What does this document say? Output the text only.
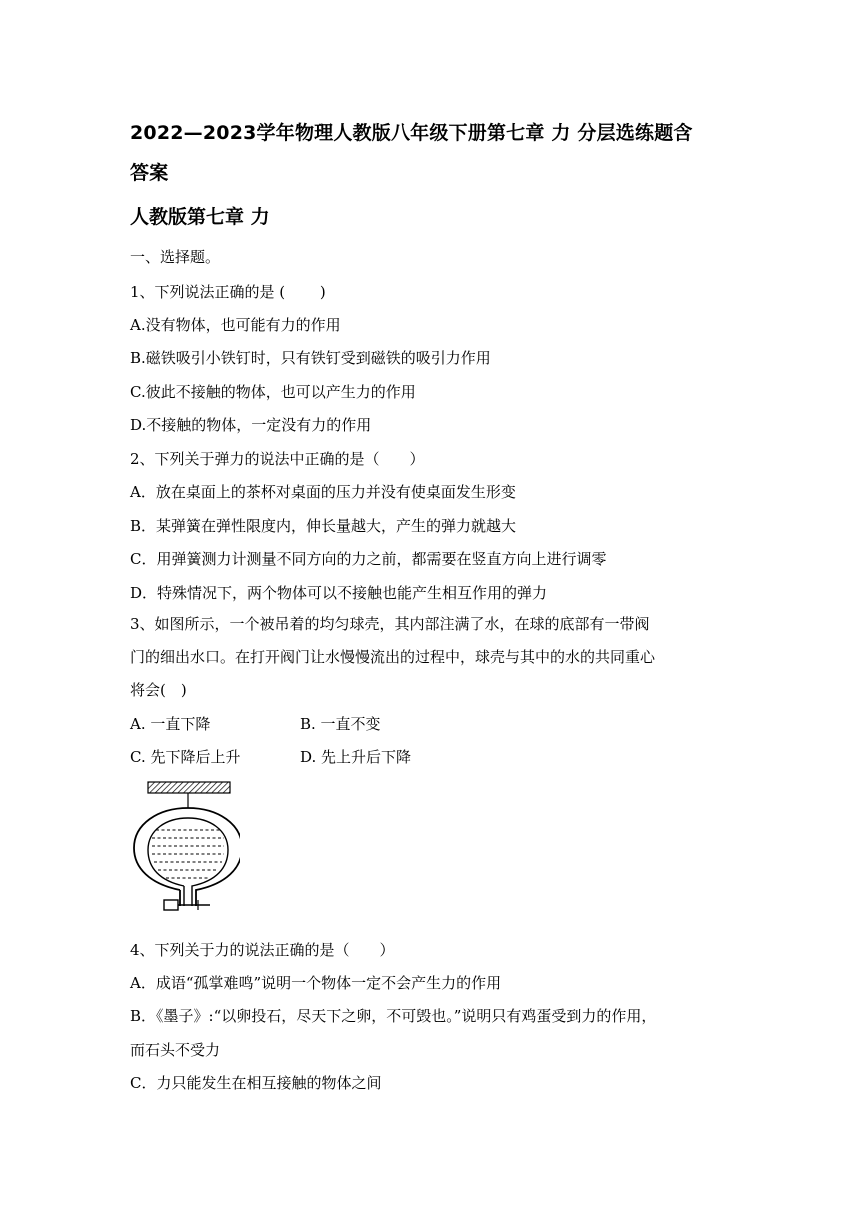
2022—2023学年物理人教版八年级下册第七章 力 分层选练题含
答案
人教版第七章 力
一、选择题。
1、下列说法正确的是 (　　 )
A.没有物体，也可能有力的作用
B.磁铁吸引小铁钉时，只有铁钉受到磁铁的吸引力作用
C.彼此不接触的物体，也可以产生力的作用
D.不接触的物体，一定没有力的作用
2、下列关于弹力的说法中正确的是（　　）
A．放在桌面上的茶杯对桌面的压力并没有使桌面发生形变
B．某弹簧在弹性限度内，伸长量越大，产生的弹力就越大
C．用弹簧测力计测量不同方向的力之前，都需要在竖直方向上进行调零
D．特殊情况下，两个物体可以不接触也能产生相互作用的弹力
3、如图所示，一个被吊着的均匀球壳，其内部注满了水，在球的底部有一带阀
门的细出水口。在打开阀门让水慢慢流出的过程中，球壳与其中的水的共同重心
将会(　)
A. 一直下降	B. 一直不变
C. 先下降后上升	D. 先上升后下降
4、下列关于力的说法正确的是（　　）
A．成语“孤掌难鸣”说明一个物体一定不会产生力的作用
B．《墨子》:“以卵投石，尽天下之卵，不可毁也。”说明只有鸡蛋受到力的作用，
而石头不受力
C．力只能发生在相互接触的物体之间
